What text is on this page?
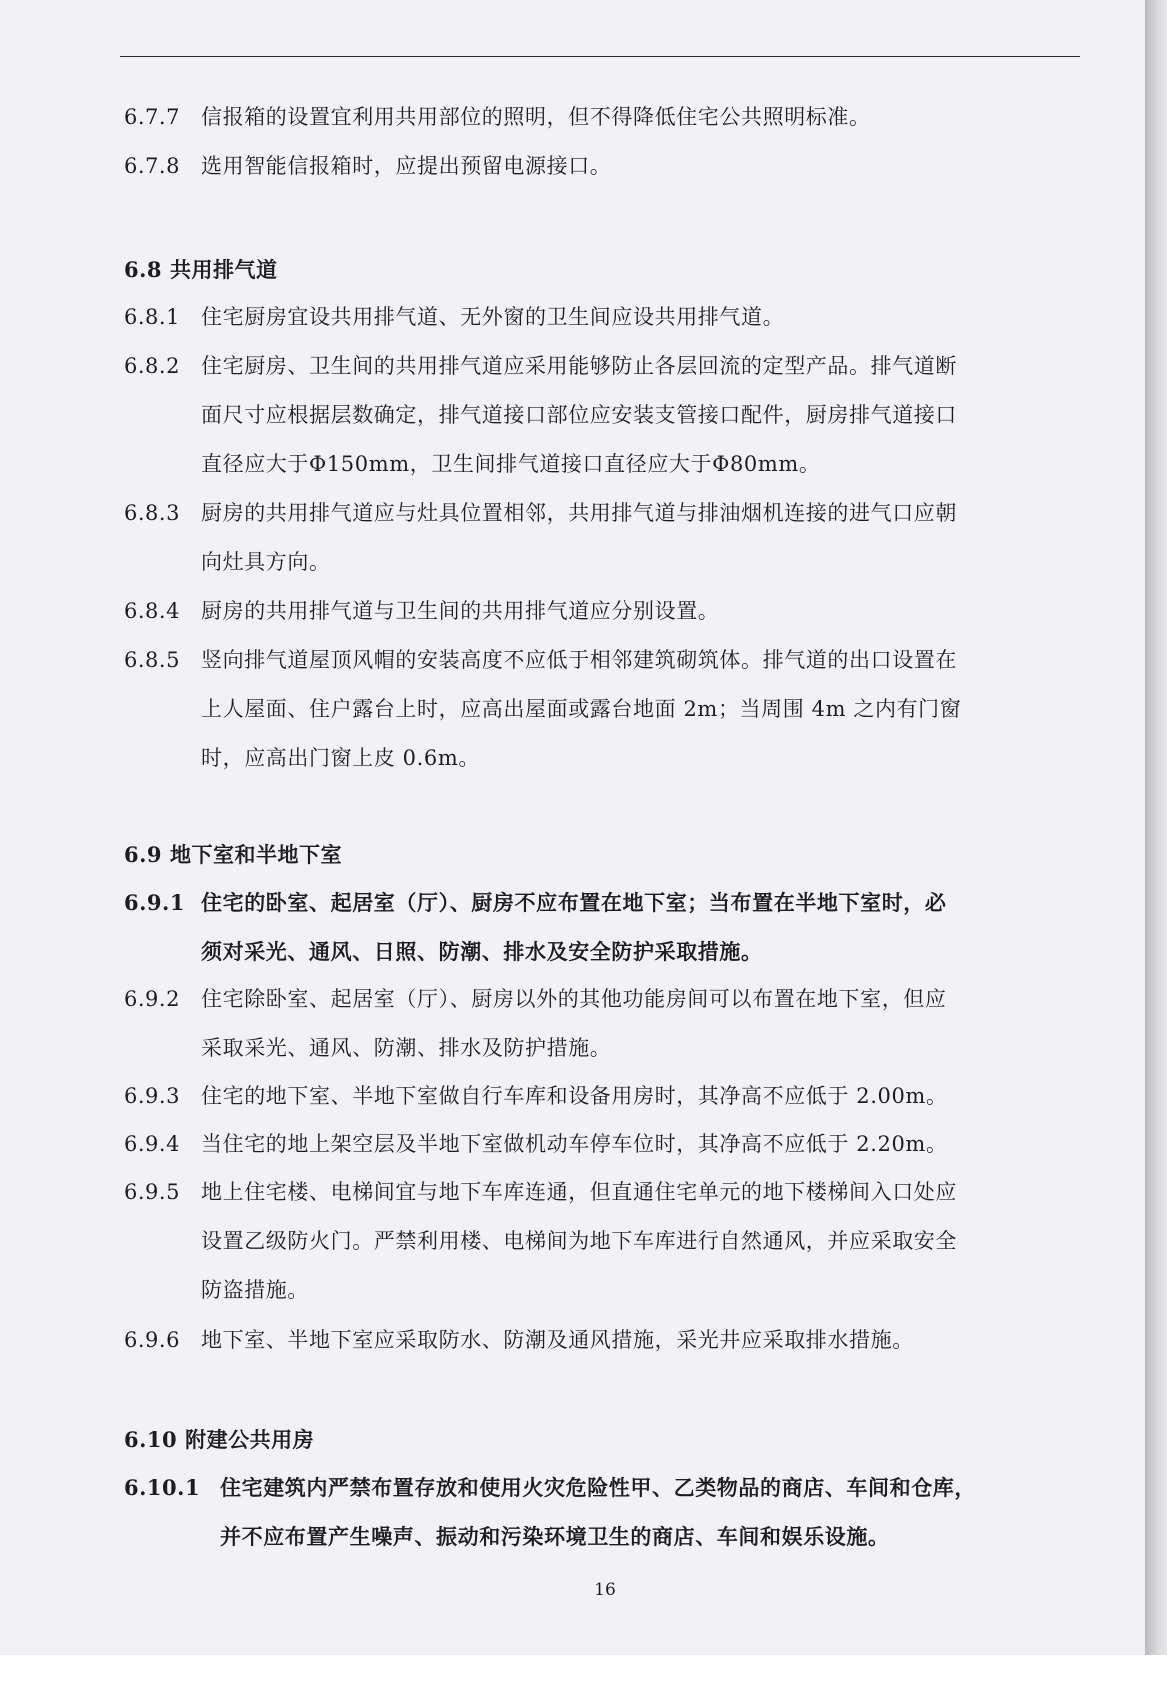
6.7.7 信报箱的设置宜利用共用部位的照明，但不得降低住宅公共照明标准。
6.7.8 选用智能信报箱时，应提出预留电源接口。
6.8 共用排气道
6.8.1 住宅厨房宜设共用排气道、无外窗的卫生间应设共用排气道。
6.8.2 住宅厨房、卫生间的共用排气道应采用能够防止各层回流的定型产品。排气道断
面尺寸应根据层数确定，排气道接口部位应安装支管接口配件，厨房排气道接口
直径应大于Φ150mm，卫生间排气道接口直径应大于Φ80mm。
6.8.3 厨房的共用排气道应与灶具位置相邻，共用排气道与排油烟机连接的进气口应朝
向灶具方向。
6.8.4 厨房的共用排气道与卫生间的共用排气道应分别设置。
6.8.5 竖向排气道屋顶风帽的安装高度不应低于相邻建筑砌筑体。排气道的出口设置在
上人屋面、住户露台上时，应高出屋面或露台地面 2m；当周围 4m 之内有门窗
时，应高出门窗上皮 0.6m。
6.9 地下室和半地下室
6.9.1 住宅的卧室、起居室（厅）、厨房不应布置在地下室；当布置在半地下室时，必
须对采光、通风、日照、防潮、排水及安全防护采取措施。
6.9.2 住宅除卧室、起居室（厅）、厨房以外的其他功能房间可以布置在地下室，但应
采取采光、通风、防潮、排水及防护措施。
6.9.3 住宅的地下室、半地下室做自行车库和设备用房时，其净高不应低于 2.00m。
6.9.4 当住宅的地上架空层及半地下室做机动车停车位时，其净高不应低于 2.20m。
6.9.5 地上住宅楼、电梯间宜与地下车库连通，但直通住宅单元的地下楼梯间入口处应
设置乙级防火门。严禁利用楼、电梯间为地下车库进行自然通风，并应采取安全
防盗措施。
6.9.6 地下室、半地下室应采取防水、防潮及通风措施，采光井应采取排水措施。
6.10 附建公共用房
6.10.1 住宅建筑内严禁布置存放和使用火灾危险性甲、乙类物品的商店、车间和仓库，
并不应布置产生噪声、振动和污染环境卫生的商店、车间和娱乐设施。
16
